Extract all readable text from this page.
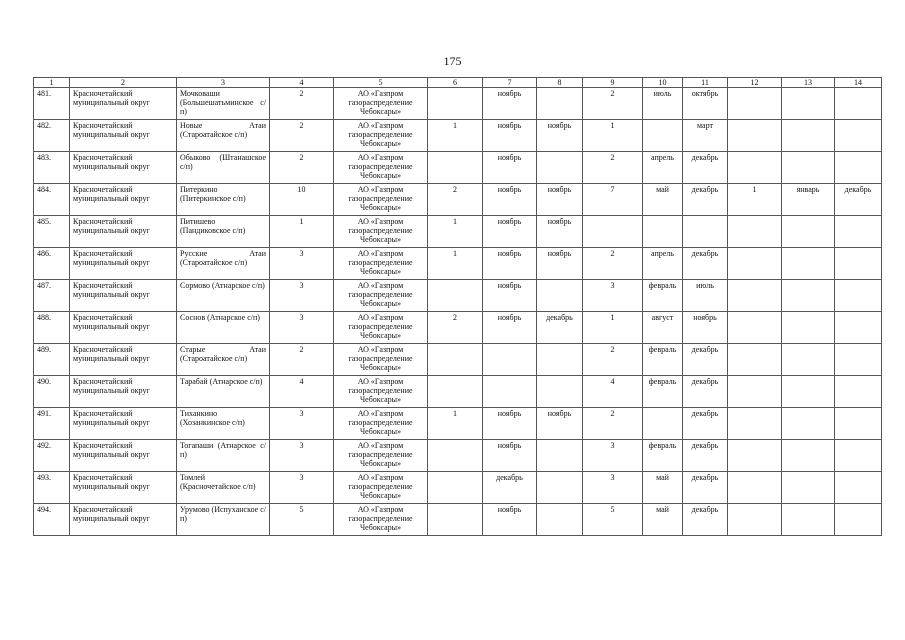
175
1	2	3	4	5	6	7	8	9	10	11	12	13	14
481.	Красночетайский муниципальный округ	Мочковаши (Большешатьминское с/п)	2	АО «Газпром газораспределение Чебоксары»		ноябрь		2	июль	октябрь			
482.	Красночетайский муниципальный округ	Новые Атаи (Староатайское с/п)	2	АО «Газпром газораспределение Чебоксары»	1	ноябрь	ноябрь	1		март			
483.	Красночетайский муниципальный округ	Обыково (Штанашское с/п)	2	АО «Газпром газораспределение Чебоксары»		ноябрь		2	апрель	декабрь			
484.	Красночетайский муниципальный округ	Питеркино (Питеркинское с/п)	10	АО «Газпром газораспределение Чебоксары»	2	ноябрь	ноябрь	7	май	декабрь	1	январь	декабрь
485.	Красночетайский муниципальный округ	Питишево (Пандиковское с/п)	1	АО «Газпром газораспределение Чебоксары»	1	ноябрь	ноябрь						
486.	Красночетайский муниципальный округ	Русские Атаи (Староатайское с/п)	3	АО «Газпром газораспределение Чебоксары»	1	ноябрь	ноябрь	2	апрель	декабрь			
487.	Красночетайский муниципальный округ	Сормово (Атнарское с/п)	3	АО «Газпром газораспределение Чебоксары»		ноябрь		3	февраль	июль			
488.	Красночетайский муниципальный округ	Соснов (Атнарское с/п)	3	АО «Газпром газораспределение Чебоксары»	2	ноябрь	декабрь	1	август	ноябрь			
489.	Красночетайский муниципальный округ	Старые Атаи (Староатайское с/п)	2	АО «Газпром газораспределение Чебоксары»				2	февраль	декабрь			
490.	Красночетайский муниципальный округ	Тарабай (Атнарское с/п)	4	АО «Газпром газораспределение Чебоксары»				4	февраль	декабрь			
491.	Красночетайский муниципальный округ	Тиханкино (Хозанкинское с/п)	3	АО «Газпром газораспределение Чебоксары»	1	ноябрь	ноябрь	2		декабрь			
492.	Красночетайский муниципальный округ	Тогапаши (Атнарское с/п)	3	АО «Газпром газораспределение Чебоксары»		ноябрь		3	февраль	декабрь			
493.	Красночетайский муниципальный округ	Томлей (Красночетайское с/п)	3	АО «Газпром газораспределение Чебоксары»		декабрь		3	май	декабрь			
494.	Красночетайский муниципальный округ	Урумово (Испуханское с/п)	5	АО «Газпром газораспределение Чебоксары»		ноябрь		5	май	декабрь			
